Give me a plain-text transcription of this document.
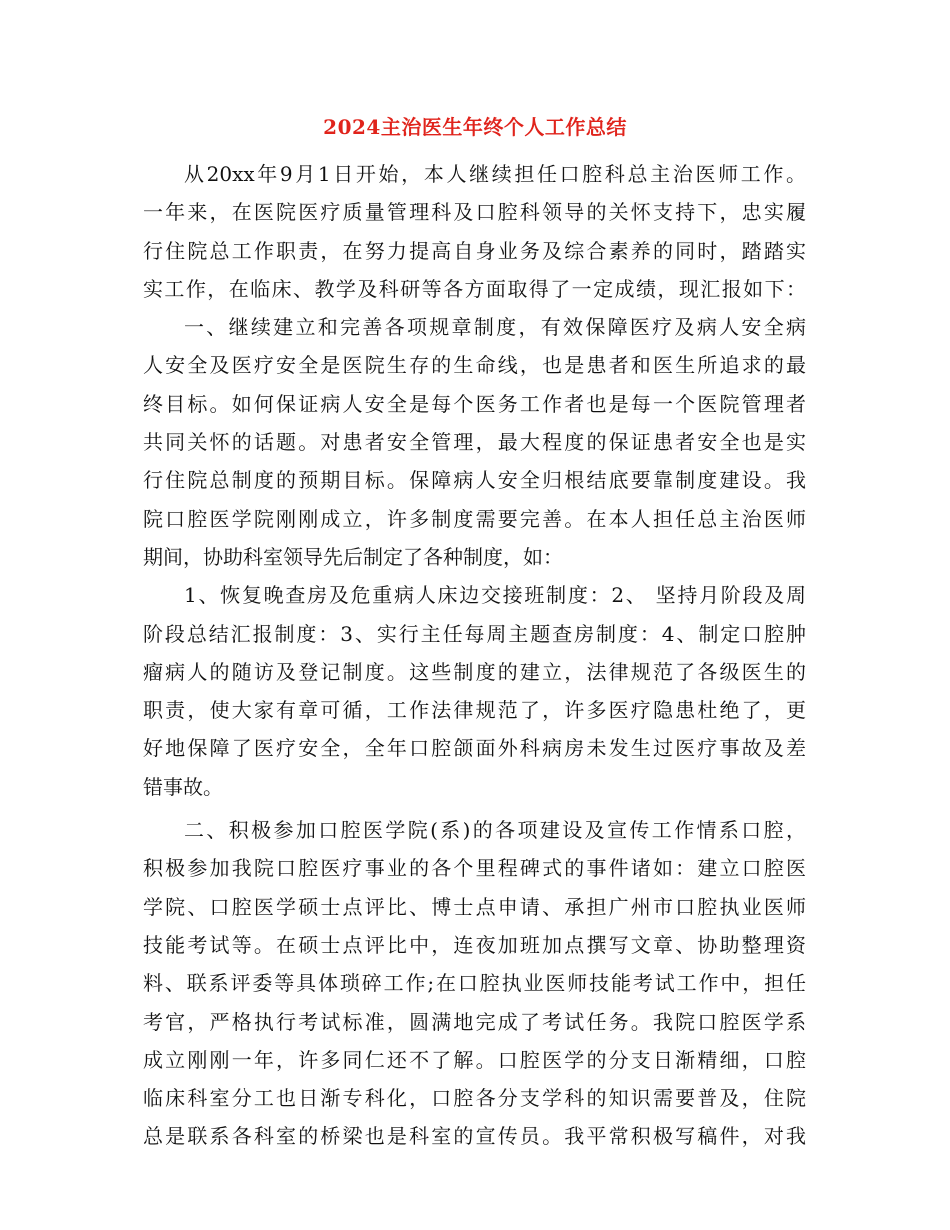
2024主治医生年终个人工作总结
从20xx年9月1日开始，本人继续担任口腔科总主治医师工作。
一年来，在医院医疗质量管理科及口腔科领导的关怀支持下，忠实履
行住院总工作职责，在努力提高自身业务及综合素养的同时，踏踏实
实工作，在临床、教学及科研等各方面取得了一定成绩，现汇报如下：
一、继续建立和完善各项规章制度，有效保障医疗及病人安全病
人安全及医疗安全是医院生存的生命线，也是患者和医生所追求的最
终目标。如何保证病人安全是每个医务工作者也是每一个医院管理者
共同关怀的话题。对患者安全管理，最大程度的保证患者安全也是实
行住院总制度的预期目标。保障病人安全归根结底要靠制度建设。我
院口腔医学院刚刚成立，许多制度需要完善。在本人担任总主治医师
期间，协助科室领导先后制定了各种制度，如：
1、恢复晚查房及危重病人床边交接班制度：2、 坚持月阶段及周
阶段总结汇报制度：3、实行主任每周主题查房制度：4、制定口腔肿
瘤病人的随访及登记制度。这些制度的建立，法律规范了各级医生的
职责，使大家有章可循，工作法律规范了，许多医疗隐患杜绝了，更
好地保障了医疗安全，全年口腔颌面外科病房未发生过医疗事故及差
错事故。
二、积极参加口腔医学院(系)的各项建设及宣传工作情系口腔，
积极参加我院口腔医疗事业的各个里程碑式的事件诸如：建立口腔医
学院、口腔医学硕士点评比、博士点申请、承担广州市口腔执业医师
技能考试等。在硕士点评比中，连夜加班加点撰写文章、协助整理资
料、联系评委等具体琐碎工作;在口腔执业医师技能考试工作中，担任
考官，严格执行考试标准，圆满地完成了考试任务。我院口腔医学系
成立刚刚一年，许多同仁还不了解。口腔医学的分支日渐精细，口腔
临床科室分工也日渐专科化，口腔各分支学科的知识需要普及，住院
总是联系各科室的桥梁也是科室的宣传员。我平常积极写稿件，对我
